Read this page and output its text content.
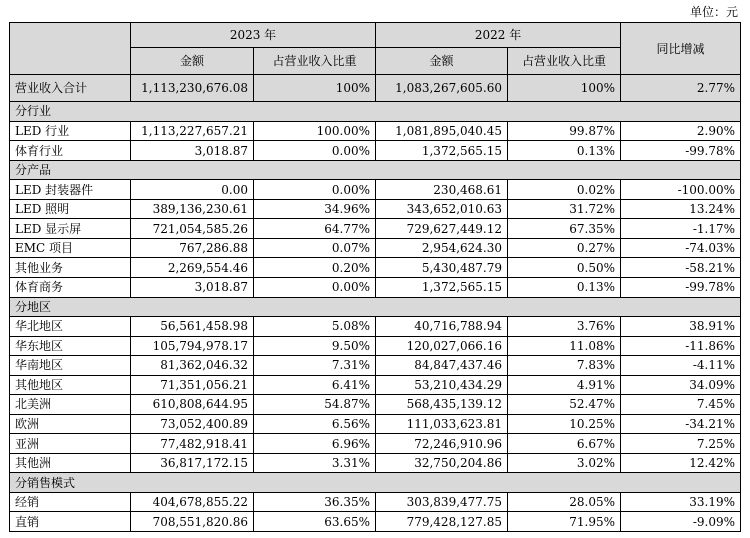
单位：元
	2023 年		2022 年		同比增减
	金额	占营业收入比重	金额	占营业收入比重	
营业收入合计	1,113,230,676.08	100%	1,083,267,605.60	100%	2.77%
分行业					
LED 行业	1,113,227,657.21	100.00%	1,081,895,040.45	99.87%	2.90%
体育行业	3,018.87	0.00%	1,372,565.15	0.13%	-99.78%
分产品					
LED 封装器件	0.00	0.00%	230,468.61	0.02%	-100.00%
LED 照明	389,136,230.61	34.96%	343,652,010.63	31.72%	13.24%
LED 显示屏	721,054,585.26	64.77%	729,627,449.12	67.35%	-1.17%
EMC 项目	767,286.88	0.07%	2,954,624.30	0.27%	-74.03%
其他业务	2,269,554.46	0.20%	5,430,487.79	0.50%	-58.21%
体育商务	3,018.87	0.00%	1,372,565.15	0.13%	-99.78%
分地区					
华北地区	56,561,458.98	5.08%	40,716,788.94	3.76%	38.91%
华东地区	105,794,978.17	9.50%	120,027,066.16	11.08%	-11.86%
华南地区	81,362,046.32	7.31%	84,847,437.46	7.83%	-4.11%
其他地区	71,351,056.21	6.41%	53,210,434.29	4.91%	34.09%
北美洲	610,808,644.95	54.87%	568,435,139.12	52.47%	7.45%
欧洲	73,052,400.89	6.56%	111,033,623.81	10.25%	-34.21%
亚洲	77,482,918.41	6.96%	72,246,910.96	6.67%	7.25%
其他洲	36,817,172.15	3.31%	32,750,204.86	3.02%	12.42%
分销售模式					
经销	404,678,855.22	36.35%	303,839,477.75	28.05%	33.19%
直销	708,551,820.86	63.65%	779,428,127.85	71.95%	-9.09%
